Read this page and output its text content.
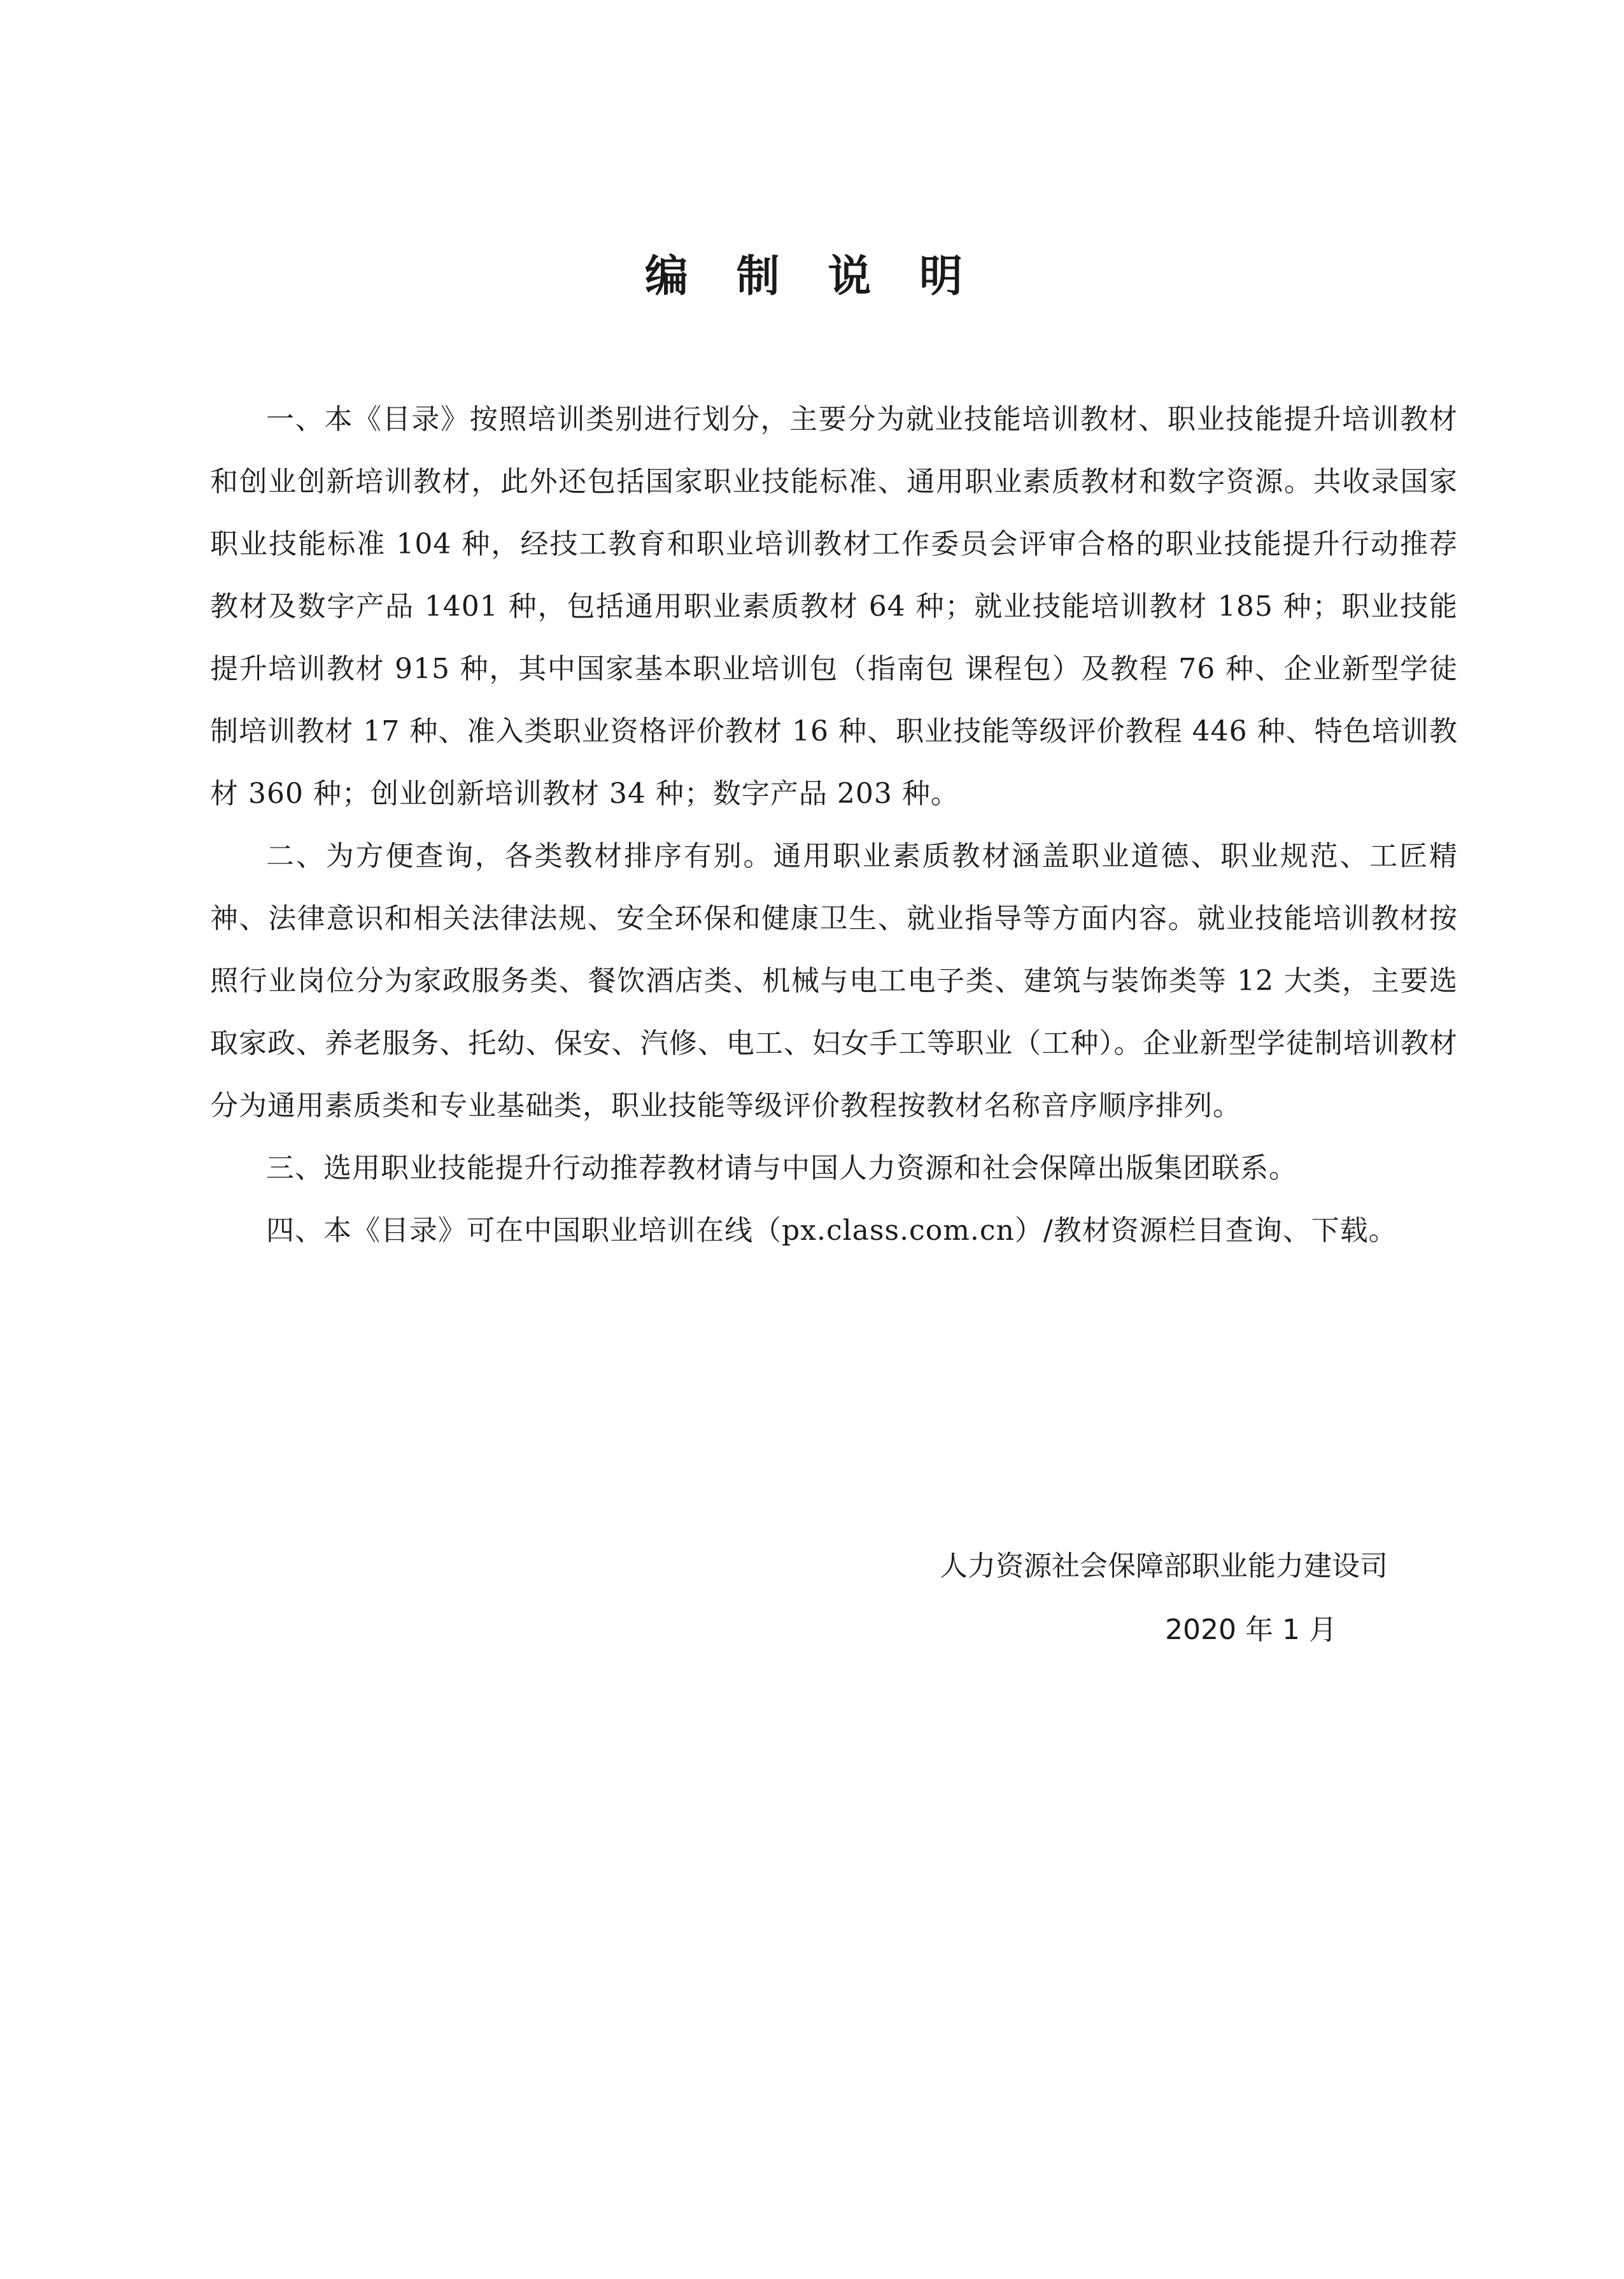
编 制 说 明

一、本《目录》按照培训类别进行划分，主要分为就业技能培训教材、职业技能提升培训教材和创业创新培训教材，此外还包括国家职业技能标准、通用职业素质教材和数字资源。共收录国家职业技能标准 104 种，经技工教育和职业培训教材工作委员会评审合格的职业技能提升行动推荐教材及数字产品 1401 种，包括通用职业素质教材 64 种；就业技能培训教材 185 种；职业技能提升培训教材 915 种，其中国家基本职业培训包（指南包 课程包）及教程 76 种、企业新型学徒制培训教材 17 种、准入类职业资格评价教材 16 种、职业技能等级评价教程 446 种、特色培训教材 360 种；创业创新培训教材 34 种；数字产品 203 种。

二、为方便查询，各类教材排序有别。通用职业素质教材涵盖职业道德、职业规范、工匠精神、法律意识和相关法律法规、安全环保和健康卫生、就业指导等方面内容。就业技能培训教材按照行业岗位分为家政服务类、餐饮酒店类、机械与电工电子类、建筑与装饰类等 12 大类，主要选取家政、养老服务、托幼、保安、汽修、电工、妇女手工等职业（工种）。企业新型学徒制培训教材分为通用素质类和专业基础类，职业技能等级评价教程按教材名称音序顺序排列。

三、选用职业技能提升行动推荐教材请与中国人力资源和社会保障出版集团联系。

四、本《目录》可在中国职业培训在线（px.class.com.cn）/教材资源栏目查询、下载。

人力资源社会保障部职业能力建设司
2020 年 1 月
